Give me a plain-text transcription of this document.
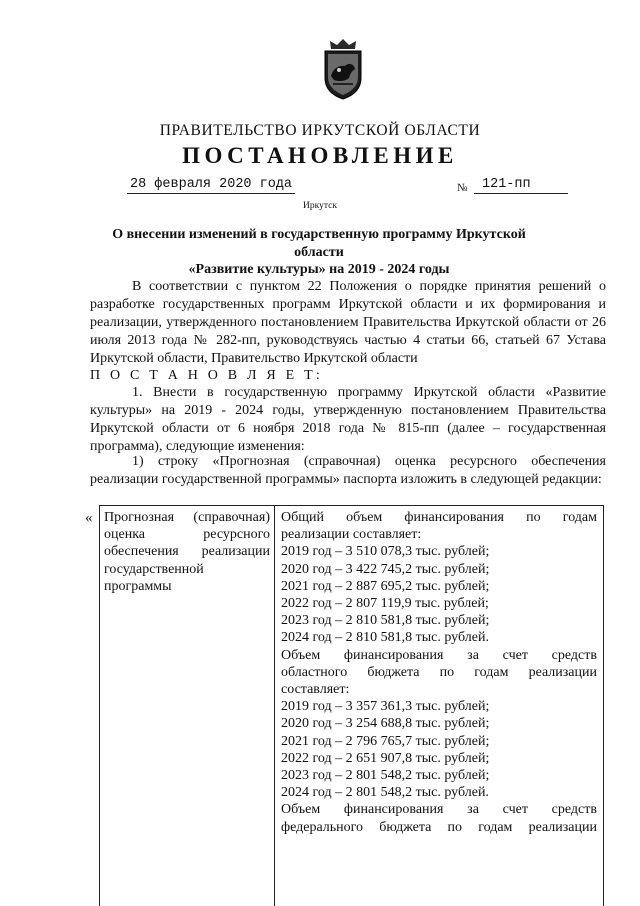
ПРАВИТЕЛЬСТВО ИРКУТСКОЙ ОБЛАСТИ
ПОСТАНОВЛЕНИЕ
28 февраля 2020 года	№	121-пп
Иркутск
О внесении изменений в государственную программу Иркутской области
«Развитие культуры» на 2019 - 2024 годы
В соответствии с пунктом 22 Положения о порядке принятия решений о разработке государственных программ Иркутской области и их формирования и реализации, утвержденного постановлением Правительства Иркутской области от 26 июля 2013 года № 282-пп, руководствуясь частью 4 статьи 66, статьей 67 Устава Иркутской области, Правительство Иркутской области
П О С Т А Н О В Л Я Е Т:
1. Внести в государственную программу Иркутской области «Развитие культуры» на 2019 - 2024 годы, утвержденную постановлением Правительства Иркутской области от 6 ноября 2018 года № 815-пп (далее – государственная программа), следующие изменения:
1) строку «Прогнозная (справочная) оценка ресурсного обеспечения реализации государственной программы» паспорта изложить в следующей редакции:
« Прогнозная (справочная)
оценка ресурсного
обеспечения реализации
государственной
программы
Общий объем финансирования по годам
реализации составляет:
2019 год – 3 510 078,3 тыс. рублей;
2020 год – 3 422 745,2 тыс. рублей;
2021 год – 2 887 695,2 тыс. рублей;
2022 год – 2 807 119,9 тыс. рублей;
2023 год – 2 810 581,8 тыс. рублей;
2024 год – 2 810 581,8 тыс. рублей.
Объем финансирования за счет средств
областного бюджета по годам реализации
составляет:
2019 год – 3 357 361,3 тыс. рублей;
2020 год – 3 254 688,8 тыс. рублей;
2021 год – 2 796 765,7 тыс. рублей;
2022 год – 2 651 907,8 тыс. рублей;
2023 год – 2 801 548,2 тыс. рублей;
2024 год – 2 801 548,2 тыс. рублей.
Объем финансирования за счет средств
федерального бюджета по годам реализации
